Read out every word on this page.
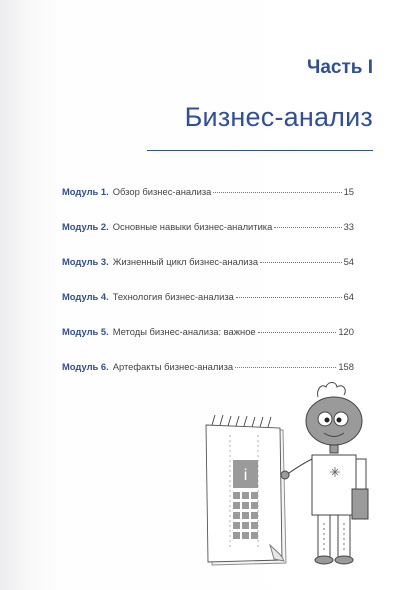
Часть I
Бизнес-анализ
Модуль 1. Обзор бизнес-анализа	15
Модуль 2. Основные навыки бизнес-аналитика	33
Модуль 3. Жизненный цикл бизнес-анализа	54
Модуль 4. Технология бизнес-анализа	64
Модуль 5. Методы бизнес-анализа: важное	120
Модуль 6. Артефакты бизнес-анализа	158
i
